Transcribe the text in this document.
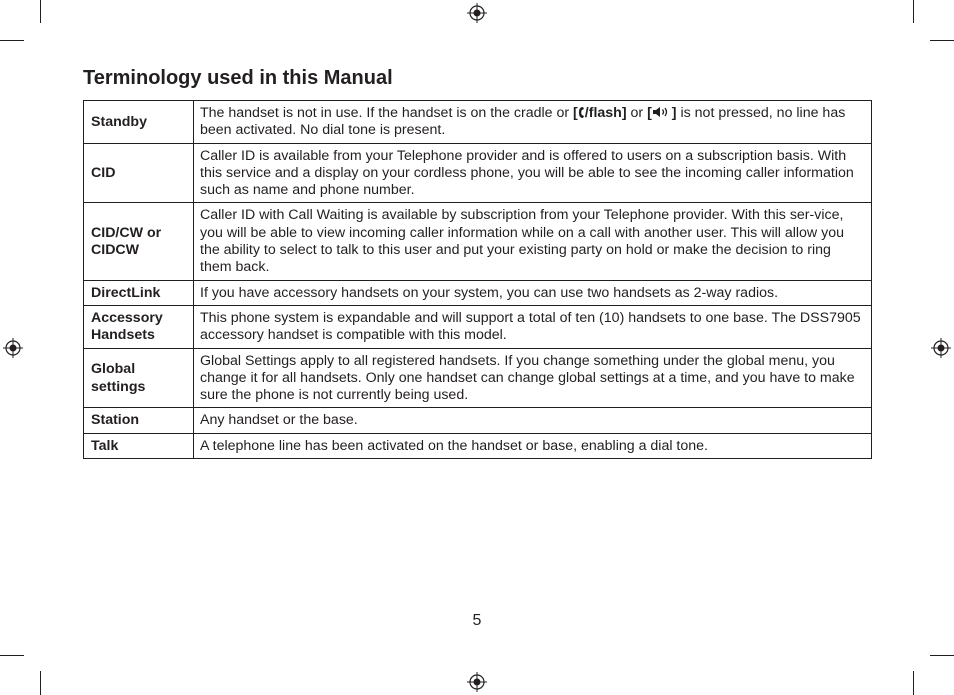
Terminology used in this Manual
Standby	The handset is not in use. If the handset is on the cradle or [ /flash] or [ ] is not pressed, no line has been activated. No dial tone is present.
CID	Caller ID is available from your Telephone provider and is offered to users on a subscription basis. With this service and a display on your cordless phone, you will be able to see the incoming caller information such as name and phone number.
CID/CW or CIDCW	Caller ID with Call Waiting is available by subscription from your Telephone provider. With this ser-vice, you will be able to view incoming caller information while on a call with another user. This will allow you the ability to select to talk to this user and put your existing party on hold or make the decision to ring them back.
DirectLink	If you have accessory handsets on your system, you can use two handsets as 2-way radios.
Accessory Handsets	This phone system is expandable and will support a total of ten (10) handsets to one base. The DSS7905 accessory handset is compatible with this model.
Global settings	Global Settings apply to all registered handsets. If you change something under the global menu, you change it for all handsets. Only one handset can change global settings at a time, and you have to make sure the phone is not currently being used.
Station	Any handset or the base.
Talk	A telephone line has been activated on the handset or base, enabling a dial tone.
5
